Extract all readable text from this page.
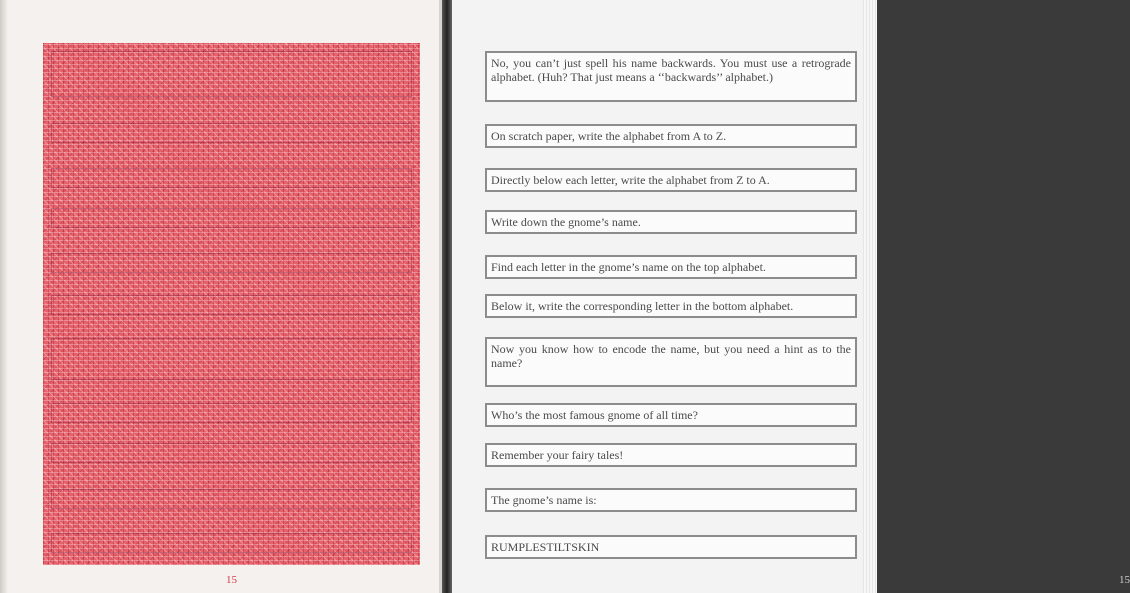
15	15
No, you can’t just spell his name backwards. You must use a retrograde alphabet. (Huh? That just means a ‘‘backwards’’ alphabet.)
On scratch paper, write the alphabet from A to Z.
Directly below each letter, write the alphabet from Z to A.
Write down the gnome’s name.
Find each letter in the gnome’s name on the top alphabet.
Below it, write the corresponding letter in the bottom alphabet.
Now you know how to encode the name, but you need a hint as to the name?
Who’s the most famous gnome of all time?
Remember your fairy tales!
The gnome’s name is:
RUMPLESTILTSKIN
